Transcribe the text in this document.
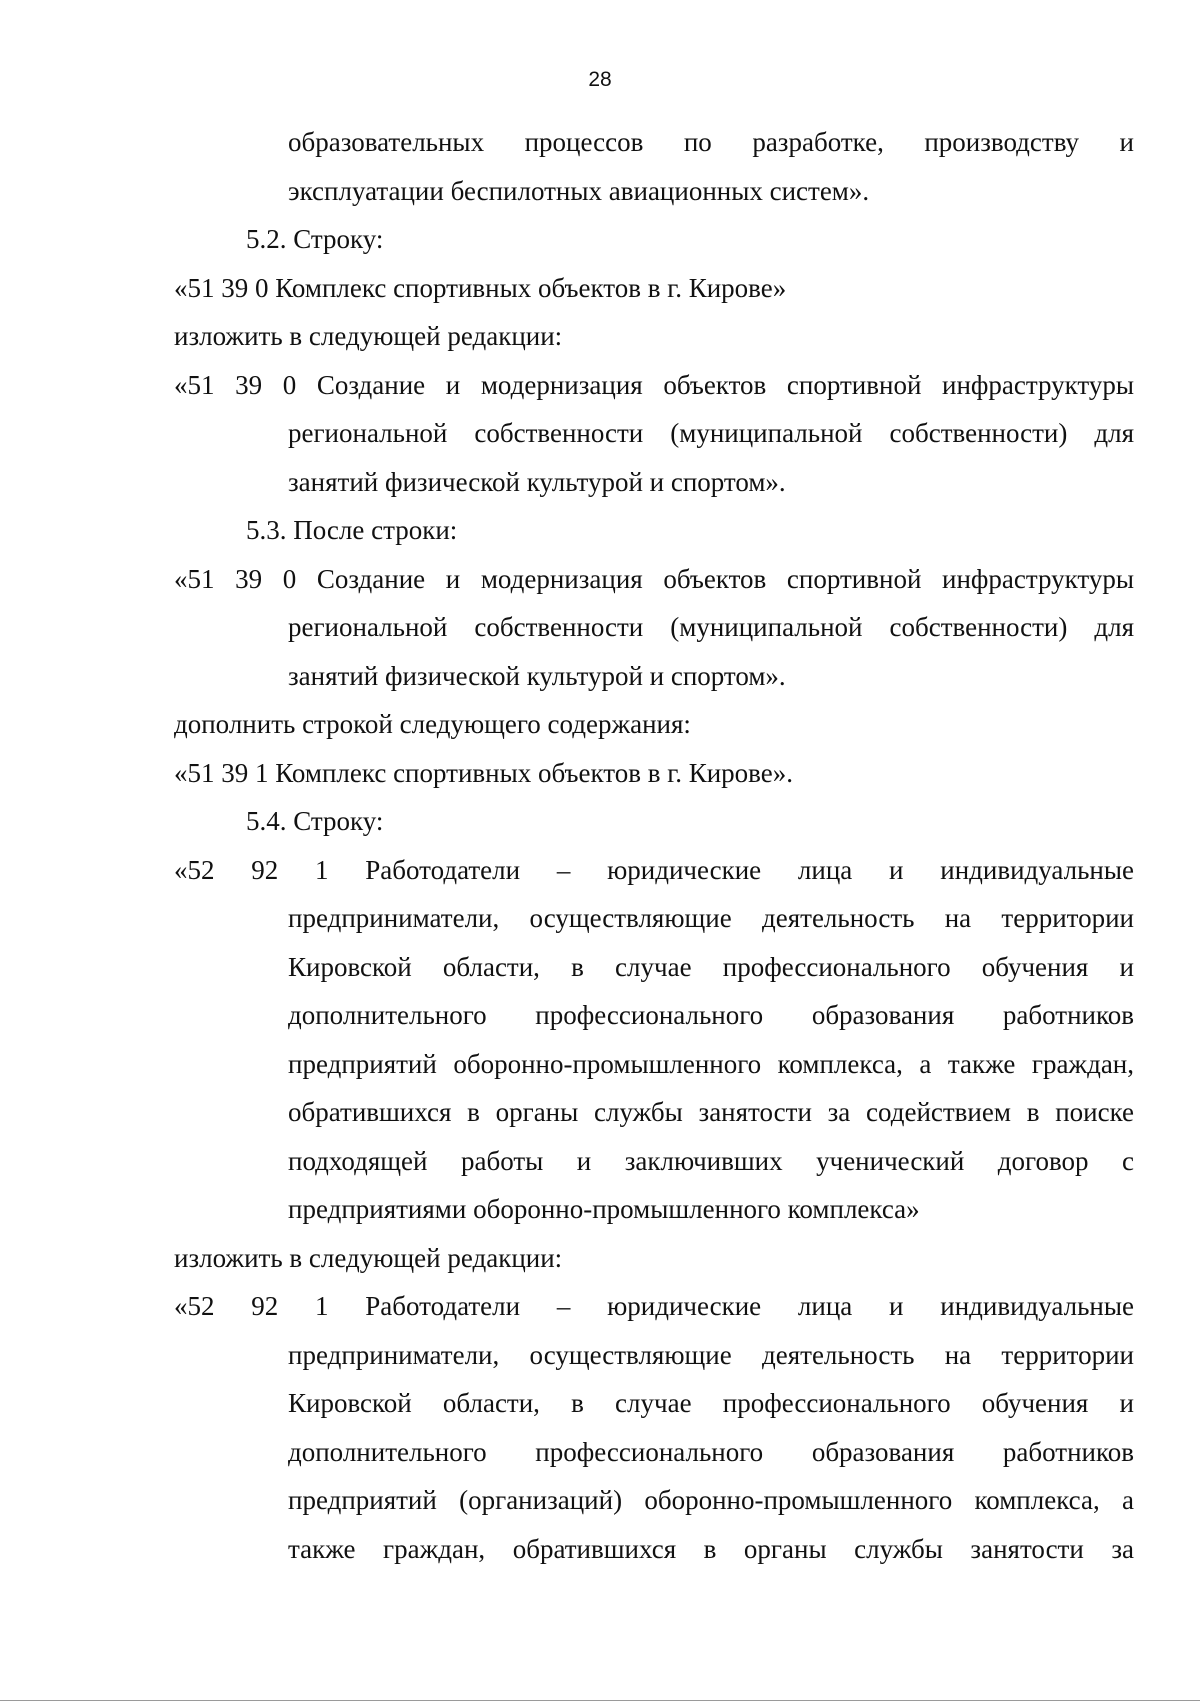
28
образовательных процессов по разработке, производству и
эксплуатации беспилотных авиационных систем».
5.2. Строку:
«51 39 0 Комплекс спортивных объектов в г. Кирове»
изложить в следующей редакции:
«51 39 0 Создание и модернизация объектов спортивной инфраструктуры
региональной собственности (муниципальной собственности) для
занятий физической культурой и спортом».
5.3. После строки:
«51 39 0 Создание и модернизация объектов спортивной инфраструктуры
региональной собственности (муниципальной собственности) для
занятий физической культурой и спортом».
дополнить строкой следующего содержания:
«51 39 1 Комплекс спортивных объектов в г. Кирове».
5.4. Строку:
«52 92 1 Работодатели – юридические лица и индивидуальные
предприниматели, осуществляющие деятельность на территории
Кировской области, в случае профессионального обучения и
дополнительного профессионального образования работников
предприятий оборонно-промышленного комплекса, а также граждан,
обратившихся в органы службы занятости за содействием в поиске
подходящей работы и заключивших ученический договор с
предприятиями оборонно-промышленного комплекса»
изложить в следующей редакции:
«52 92 1 Работодатели – юридические лица и индивидуальные
предприниматели, осуществляющие деятельность на территории
Кировской области, в случае профессионального обучения и
дополнительного профессионального образования работников
предприятий (организаций) оборонно-промышленного комплекса, а
также граждан, обратившихся в органы службы занятости за
